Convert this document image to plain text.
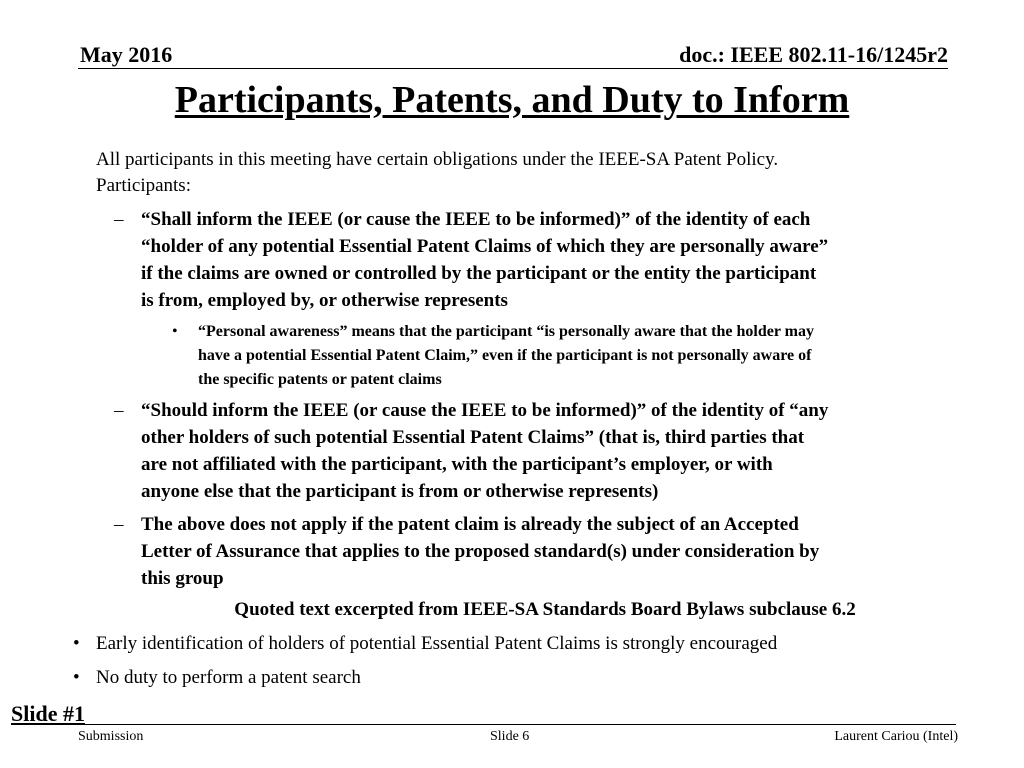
May 2016	doc.: IEEE 802.11-16/1245r2
Participants, Patents, and Duty to Inform
All participants in this meeting have certain obligations under the IEEE-SA Patent Policy.
Participants:
– “Shall inform the IEEE (or cause the IEEE to be informed)” of the identity of each
“holder of any potential Essential Patent Claims of which they are personally aware”
if the claims are owned or controlled by the participant or the entity the participant
is from, employed by, or otherwise represents
• “Personal awareness” means that the participant “is personally aware that the holder may
have a potential Essential Patent Claim,” even if the participant is not personally aware of
the specific patents or patent claims
– “Should inform the IEEE (or cause the IEEE to be informed)” of the identity of “any
other holders of such potential Essential Patent Claims” (that is, third parties that
are not affiliated with the participant, with the participant’s employer, or with
anyone else that the participant is from or otherwise represents)
– The above does not apply if the patent claim is already the subject of an Accepted
Letter of Assurance that applies to the proposed standard(s) under consideration by
this group
Quoted text excerpted from IEEE-SA Standards Board Bylaws subclause 6.2
• Early identification of holders of potential Essential Patent Claims is strongly encouraged
• No duty to perform a patent search
Slide #1
Submission	Slide 6	Laurent Cariou (Intel)
